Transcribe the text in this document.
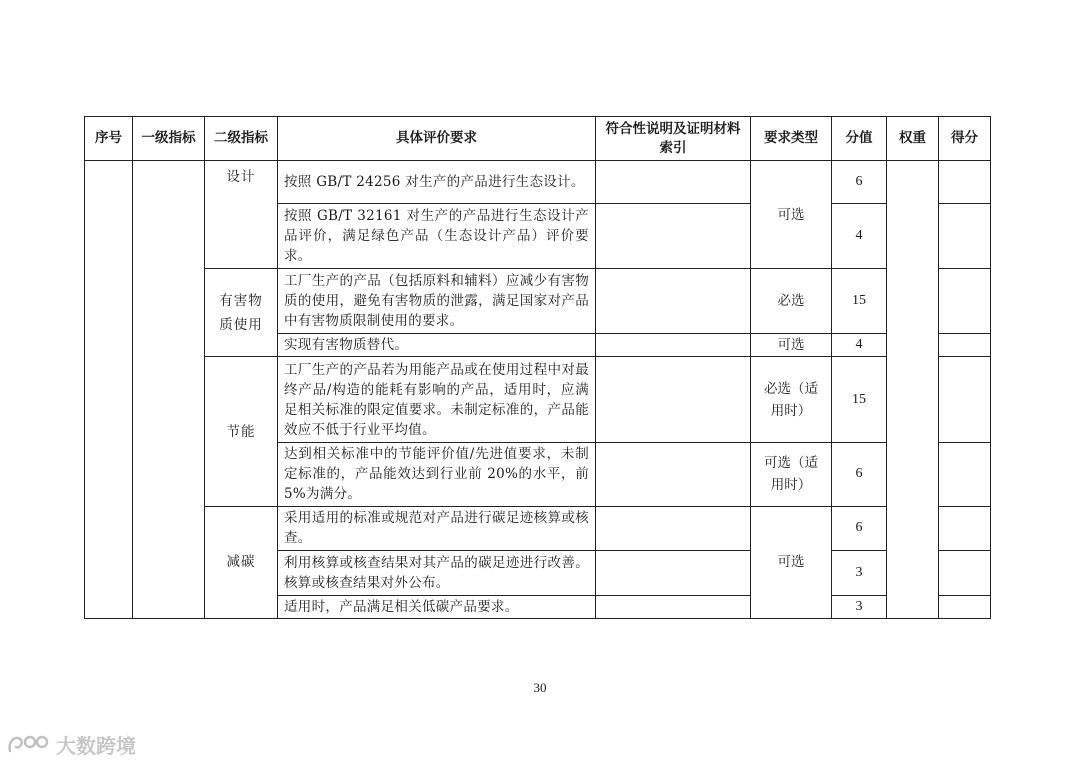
序号	一级指标	二级指标	具体评价要求	符合性说明及证明材料索引	要求类型	分值	权重	得分
		设计	按照 GB/T 24256 对生产的产品进行生态设计。		可选	6		
			按照 GB/T 32161 对生产的产品进行生态设计产品评价，满足绿色产品（生态设计产品）评价要求。			4		

		有害物质使用	工厂生产的产品（包括原料和辅料）应减少有害物质的使用，避免有害物质的泄露，满足国家对产品中有害物质限制使用的要求。		必选	15		
			实现有害物质替代。		可选	4		
		节能	工厂生产的产品若为用能产品或在使用过程中对最终产品/构造的能耗有影响的产品，适用时，应满足相关标准的限定值要求。未制定标准的，产品能效应不低于行业平均值。		必选（适用时）	15		
			达到相关标准中的节能评价值/先进值要求，未制定标准的，产品能效达到行业前 20%的水平，前 5%为满分。		可选（适用时）	6		
		减碳	采用适用的标准或规范对产品进行碳足迹核算或核查。		可选	6		
			利用核算或核查结果对其产品的碳足迹进行改善。核算或核查结果对外公布。			3		
			适用时，产品满足相关低碳产品要求。			3		
30
大数跨境
